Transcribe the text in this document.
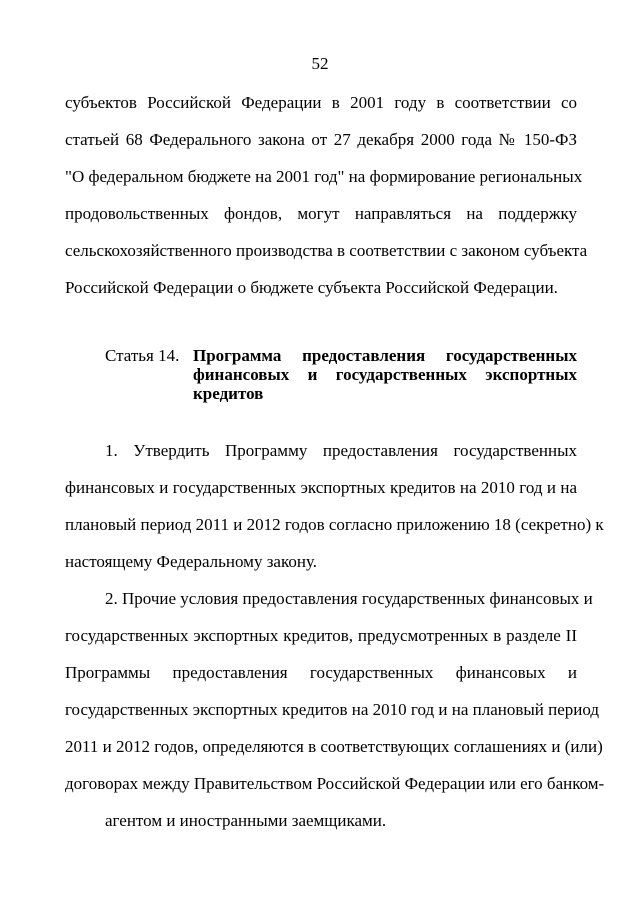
52
субъектов Российской Федерации в 2001 году в соответствии со
статьей 68 Федерального закона от 27 декабря 2000 года № 150-ФЗ
"О федеральном бюджете на 2001 год" на формирование региональных
продовольственных фондов, могут направляться на поддержку
сельскохозяйственного производства в соответствии с законом субъекта
Российской Федерации о бюджете субъекта Российской Федерации.
Статья 14. Программа предоставления государственных
финансовых и государственных экспортных
кредитов
1. Утвердить Программу предоставления государственных
финансовых и государственных экспортных кредитов на 2010 год и на
плановый период 2011 и 2012 годов согласно приложению 18 (секретно) к
настоящему Федеральному закону.
2. Прочие условия предоставления государственных финансовых и
государственных экспортных кредитов, предусмотренных в разделе II
Программы предоставления государственных финансовых и
государственных экспортных кредитов на 2010 год и на плановый период
2011 и 2012 годов, определяются в соответствующих соглашениях и (или)
договорах между Правительством Российской Федерации или его банком-
агентом и иностранными заемщиками.
